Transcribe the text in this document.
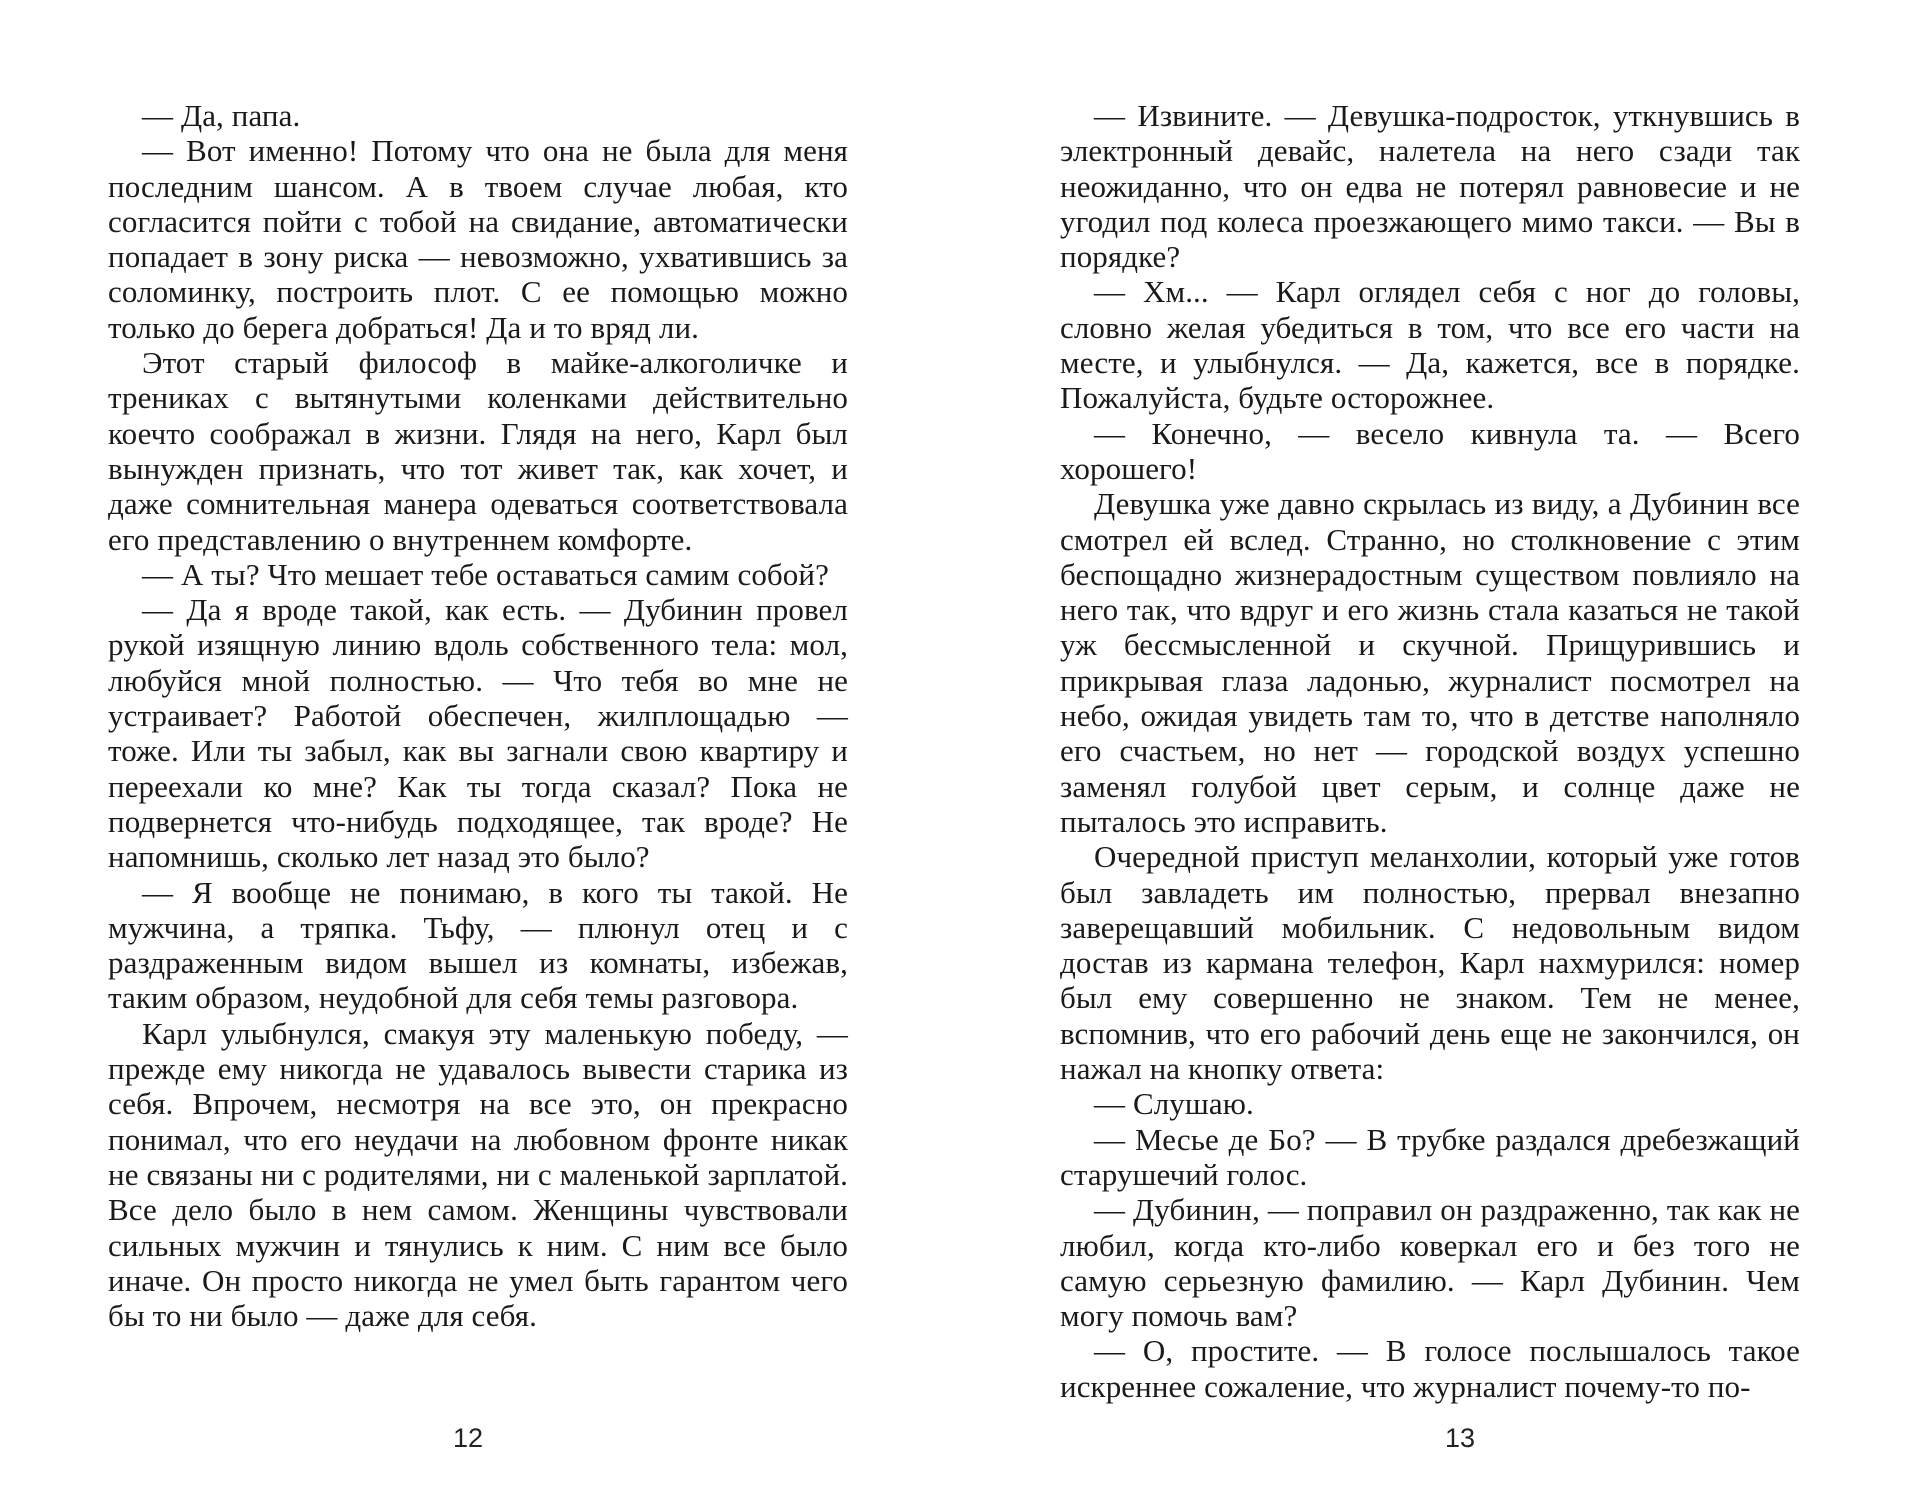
— Да, папа.

— Вот именно! Потому что она не была для меня последним шансом. А в твоем случае любая, кто согласится пойти с тобой на свидание, автоматически попадает в зону риска — невозможно, ухватившись за соломинку, построить плот. С ее помощью можно только до берега добраться! Да и то вряд ли.

Этот старый философ в майке-алкоголичке и трениках с вытянутыми коленками действительно коечто соображал в жизни. Глядя на него, Карл был вынужден признать, что тот живет так, как хочет, и даже сомнительная манера одеваться соответствовала его представлению о внутреннем комфорте.

— А ты? Что мешает тебе оставаться самим собой?

— Да я вроде такой, как есть. — Дубинин провел рукой изящную линию вдоль собственного тела: мол, любуйся мной полностью. — Что тебя во мне не устраивает? Работой обеспечен, жилплощадью — тоже. Или ты забыл, как вы загнали свою квартиру и переехали ко мне? Как ты тогда сказал? Пока не подвернется что-нибудь подходящее, так вроде? Не напомнишь, сколько лет назад это было?

— Я вообще не понимаю, в кого ты такой. Не мужчина, а тряпка. Тьфу, — плюнул отец и с раздраженным видом вышел из комнаты, избежав, таким образом, неудобной для себя темы разговора.

Карл улыбнулся, смакуя эту маленькую победу, — прежде ему никогда не удавалось вывести старика из себя. Впрочем, несмотря на все это, он прекрасно понимал, что его неудачи на любовном фронте никак не связаны ни с родителями, ни с маленькой зарплатой. Все дело было в нем самом. Женщины чувствовали сильных мужчин и тянулись к ним. С ним все было иначе. Он просто никогда не умел быть гарантом чего бы то ни было — даже для себя.

12

— Извините. — Девушка-подросток, уткнувшись в электронный девайс, налетела на него сзади так неожиданно, что он едва не потерял равновесие и не угодил под колеса проезжающего мимо такси. — Вы в порядке?

— Хм... — Карл оглядел себя с ног до головы, словно желая убедиться в том, что все его части на месте, и улыбнулся. — Да, кажется, все в порядке. Пожалуйста, будьте осторожнее.

— Конечно, — весело кивнула та. — Всего хорошего!

Девушка уже давно скрылась из виду, а Дубинин все смотрел ей вслед. Странно, но столкновение с этим беспощадно жизнерадостным существом повлияло на него так, что вдруг и его жизнь стала казаться не такой уж бессмысленной и скучной. Прищурившись и прикрывая глаза ладонью, журналист посмотрел на небо, ожидая увидеть там то, что в детстве наполняло его счастьем, но нет — городской воздух успешно заменял голубой цвет серым, и солнце даже не пыталось это исправить.

Очередной приступ меланхолии, который уже готов был завладеть им полностью, прервал внезапно заверещавший мобильник. С недовольным видом достав из кармана телефон, Карл нахмурился: номер был ему совершенно не знаком. Тем не менее, вспомнив, что его рабочий день еще не закончился, он нажал на кнопку ответа:

— Слушаю.

— Месье де Бо? — В трубке раздался дребезжащий старушечий голос.

— Дубинин, — поправил он раздраженно, так как не любил, когда кто-либо коверкал его и без того не самую серьезную фамилию. — Карл Дубинин. Чем могу помочь вам?

— О, простите. — В голосе послышалось такое искреннее сожаление, что журналист почему-то по-

13
